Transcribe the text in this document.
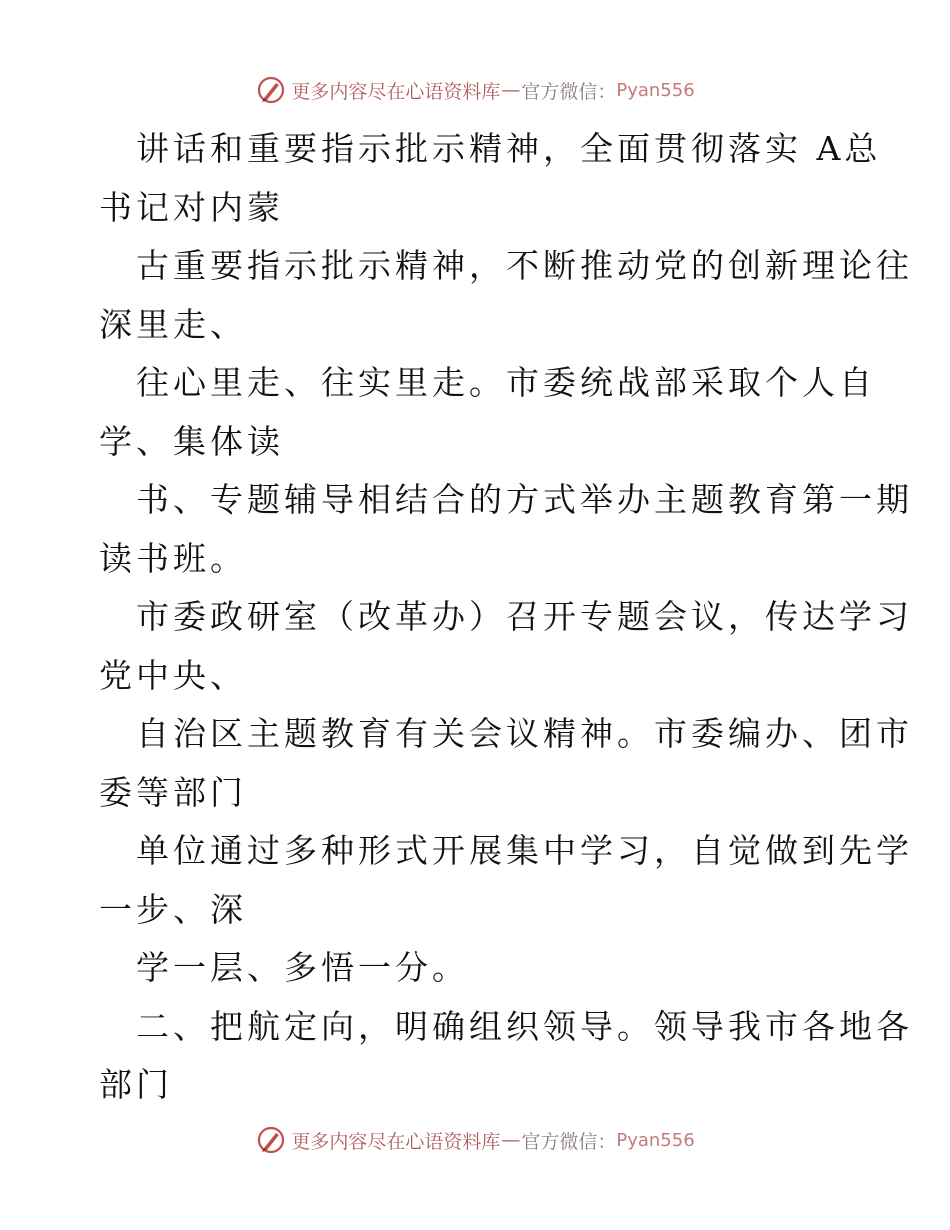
更多内容尽在心语资料库 — 官方微信： Pyan556
讲话和重要指示批示精神，全面贯彻落实 A总
书记对内蒙
古重要指示批示精神，不断推动党的创新理论往
深里走、
往心里走、往实里走。市委统战部采取个人自
学、集体读
书、专题辅导相结合的方式举办主题教育第一期
读书班。
市委政研室（改革办）召开专题会议，传达学习
党中央、
自治区主题教育有关会议精神。市委编办、团市
委等部门
单位通过多种形式开展集中学习，自觉做到先学
一步、深
学一层、多悟一分。
二、把航定向，明确组织领导。领导我市各地各
部门
更多内容尽在心语资料库 — 官方微信： Pyan556
